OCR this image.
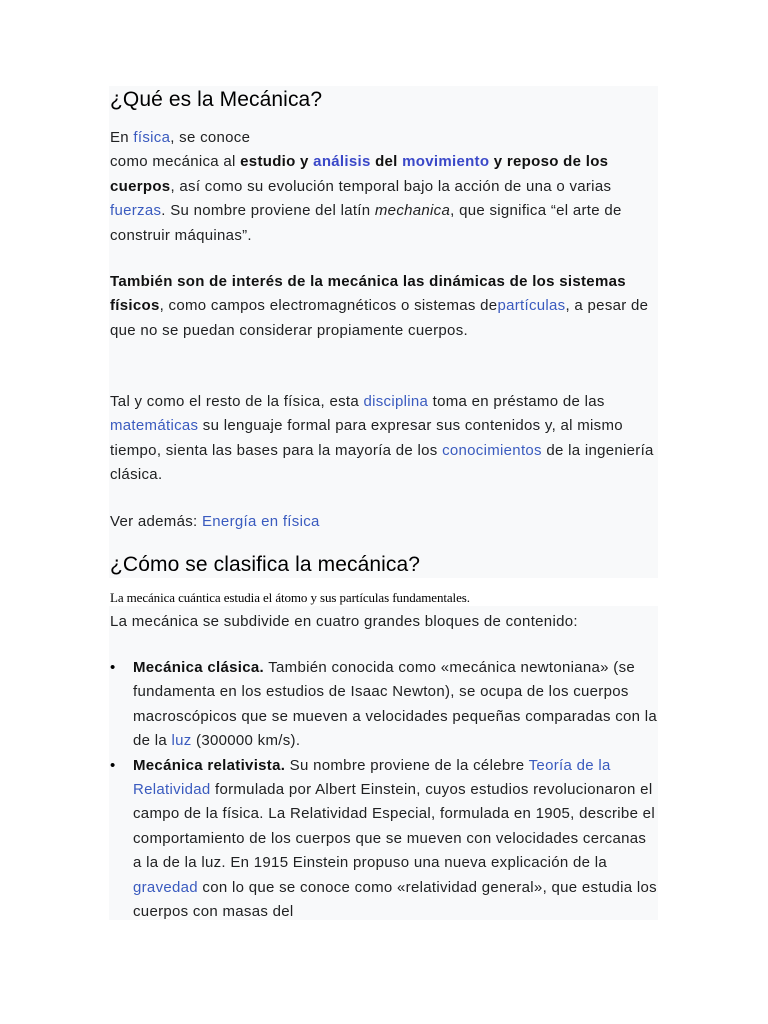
¿Qué es la Mecánica?

En física, se conoce
como mecánica al estudio y análisis del movimiento y reposo de los cuerpos, así como su evolución temporal bajo la acción de una o varias fuerzas. Su nombre proviene del latín mechanica, que significa “el arte de construir máquinas”.

También son de interés de la mecánica las dinámicas de los sistemas físicos, como campos electromagnéticos o sistemas departículas, a pesar de que no se puedan considerar propiamente cuerpos.

Tal y como el resto de la física, esta disciplina toma en préstamo de las matemáticas su lenguaje formal para expresar sus contenidos y, al mismo tiempo, sienta las bases para la mayoría de los conocimientos de la ingeniería clásica.

Ver además: Energía en física

¿Cómo se clasifica la mecánica?

La mecánica cuántica estudia el átomo y sus partículas fundamentales.

La mecánica se subdivide en cuatro grandes bloques de contenido:

• Mecánica clásica. También conocida como «mecánica newtoniana» (se fundamenta en los estudios de Isaac Newton), se ocupa de los cuerpos macroscópicos que se mueven a velocidades pequeñas comparadas con la de la luz (300000 km/s).
• Mecánica relativista. Su nombre proviene de la célebre Teoría de la Relatividad formulada por Albert Einstein, cuyos estudios revolucionaron el campo de la física. La Relatividad Especial, formulada en 1905, describe el comportamiento de los cuerpos que se mueven con velocidades cercanas a la de la luz. En 1915 Einstein propuso una nueva explicación de la gravedad con lo que se conoce como «relatividad general», que estudia los cuerpos con masas del
